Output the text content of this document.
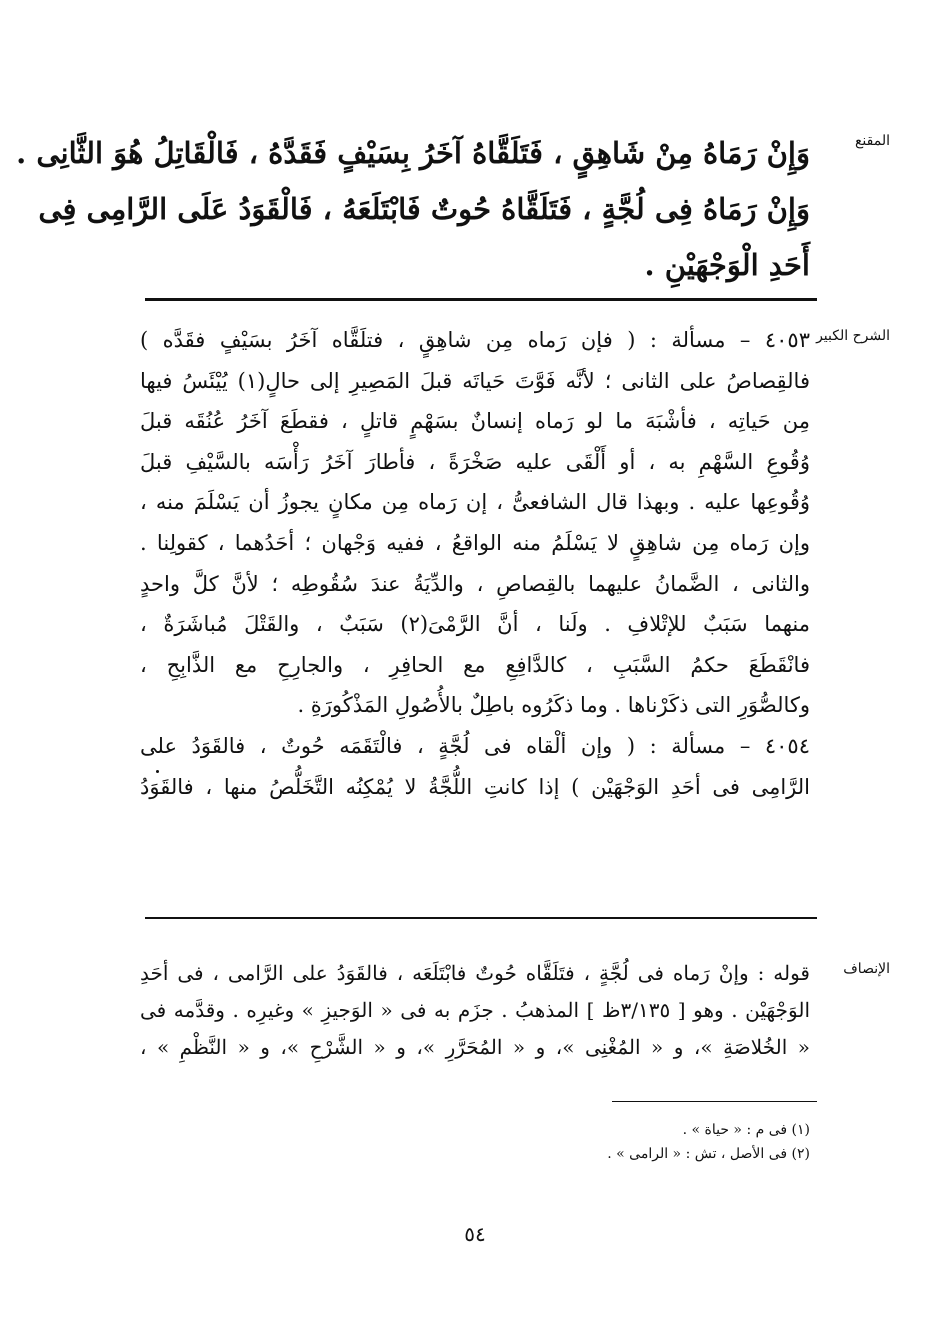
المقنع
وَإِنْ رَمَاهُ مِنْ شَاهِقٍ ، فَتَلَقَّاهُ آخَرُ بِسَيْفٍ فَقَدَّهُ ، فَالْقَاتِلُ هُوَ الثَّانِى .
وَإِنْ رَمَاهُ فِى لُجَّةٍ ، فَتَلَقَّاهُ حُوتٌ فَابْتَلَعَهُ ، فَالْقَوَدُ عَلَى الرَّامِى فِى
أَحَدِ الْوَجْهَيْنِ .
الشرح الكبير
٤٠٥٣ – مسألة : ( فإن رَماه مِن شاهِقٍ ، فتلَقَّاه آخَرُ بسَيْفٍ فقَدَّه )
فالقِصاصُ على الثانى ؛ لأنَّه فَوَّتَ حَياتَه قبلَ المَصِيرِ إلى حالٍ(١) يُيْئَسُ فيها
مِن حَياتِه ، فأشْبَهَ ما لو رَماه إنسانٌ بسَهْمٍ قاتلٍ ، فقطَعَ آخَرُ عُنُقَه قبلَ
وُقُوعِ السَّهْمِ به ، أو أَلْقَى عليه صَخْرَةً ، فأطارَ آخَرُ رَأْسَه بالسَّيْفِ قبلَ
وُقُوعِها عليه . وبهذا قال الشافعىُّ ، إن رَماه مِن مكانٍ يجوزُ أن يَسْلَمَ منه ،
وإن رَماه مِن شاهِقٍ لا يَسْلَمُ منه الواقعُ ، ففيه وَجْهان ؛ أحَدُهما ، كقولِنا .
والثانى ، الضَّمانُ عليهما بالقِصاصِ ، والدِّيَةُ عندَ سُقُوطِه ؛ لأنَّ كلَّ واحدٍ
منهما سَبَبٌ للإتْلافِ . ولَنا ، أنَّ الرَّمْىَ(٢) سَبَبٌ ، والقَتْلَ مُباشَرَةٌ ،
فانْقَطَعَ حكمُ السَّبَبِ ، كالدَّافِعِ مع الحافِرِ ، والجارِحِ مع الذَّابِحِ ،
وكالصُّوَرِ التى ذكَرْناها . وما ذكَرُوه باطِلٌ بالأُصُولِ المَذْكُورَةِ .
٤٠٥٤ – مسألة : ( وإن ألْقاه فى لُجَّةٍ ، فالْتَقَمَه حُوتٌ ، فالقَوَدُ على
الرَّامِى فى أحَدِ الوَجْهَيْن ) إذا كانتِ اللُّجَّةُ لا يُمْكِنُه التَّخَلُّصُ منها ، فالقَوَدُ
الإنصاف
قوله : وإنْ رَماه فى لُجَّةٍ ، فتَلَقَّاه حُوتٌ فابْتَلَعَه ، فالقَوَدُ على الرَّامى ، فى أحَدِ
الوَجْهَيْن . وهو [ ٣/١٣٥ظ ] المذهبُ . جزَم به فى « الوَجيزِ » وغيرِه . وقدَّمه فى
« الخُلاصَةِ »، و « المُغْنِى »، و « المُحَرَّرِ »، و « الشَّرْحِ »، و « النَّظْمِ » ،
(١) فى م : « حياة » .
(٢) فى الأصل ، تش : « الرامى » .
٥٤
